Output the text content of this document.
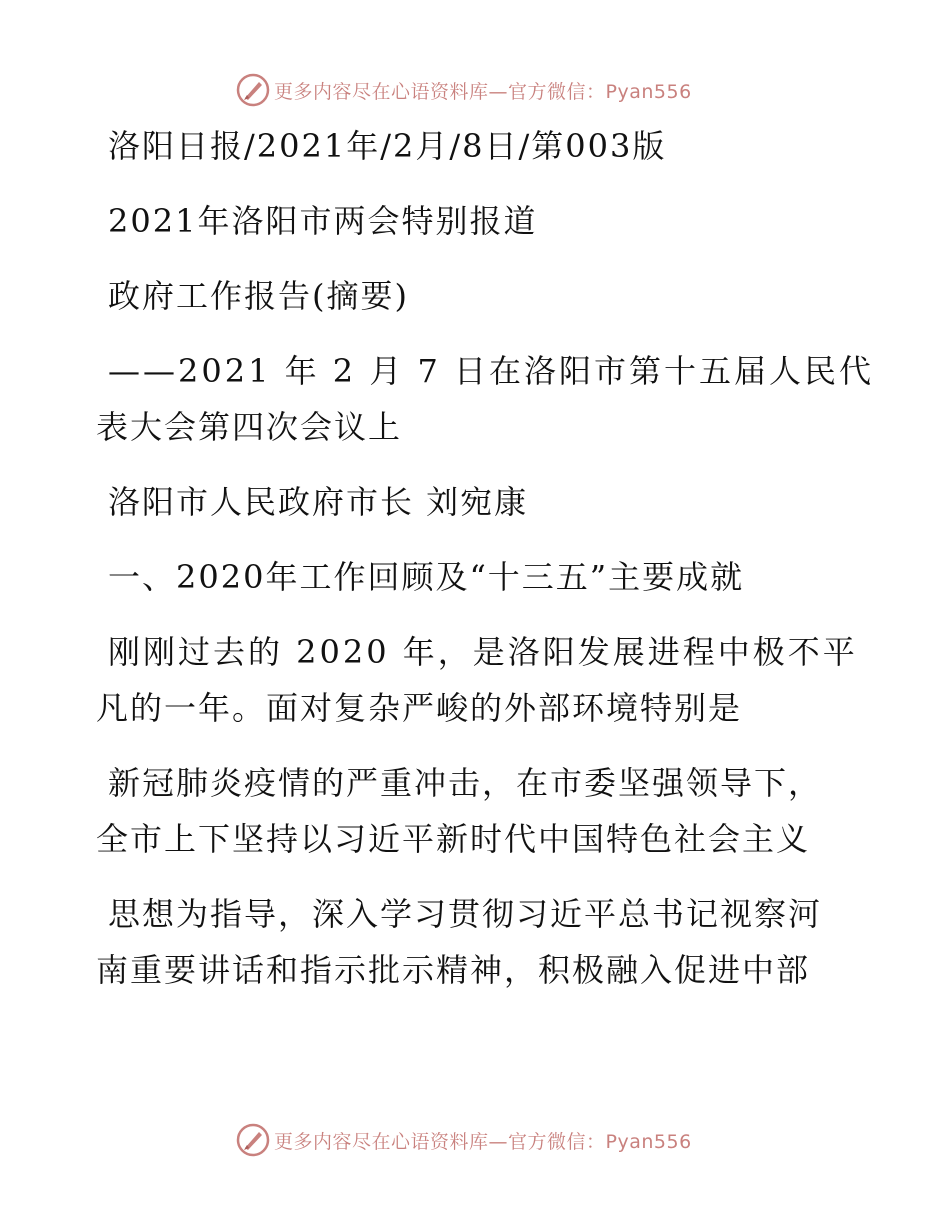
更多内容尽在心语资料库—官方微信：Pyan556
洛阳日报/2021年/2月/8日/第003版
2021年洛阳市两会特别报道
政府工作报告(摘要)
——2021 年 2 月 7 日在洛阳市第十五届人民代
表大会第四次会议上
洛阳市人民政府市长 刘宛康
一、2020年工作回顾及“十三五”主要成就
刚刚过去的 2020 年，是洛阳发展进程中极不平
凡的一年。面对复杂严峻的外部环境特别是
新冠肺炎疫情的严重冲击，在市委坚强领导下，
全市上下坚持以习近平新时代中国特色社会主义
思想为指导，深入学习贯彻习近平总书记视察河
南重要讲话和指示批示精神，积极融入促进中部
更多内容尽在心语资料库—官方微信：Pyan556
